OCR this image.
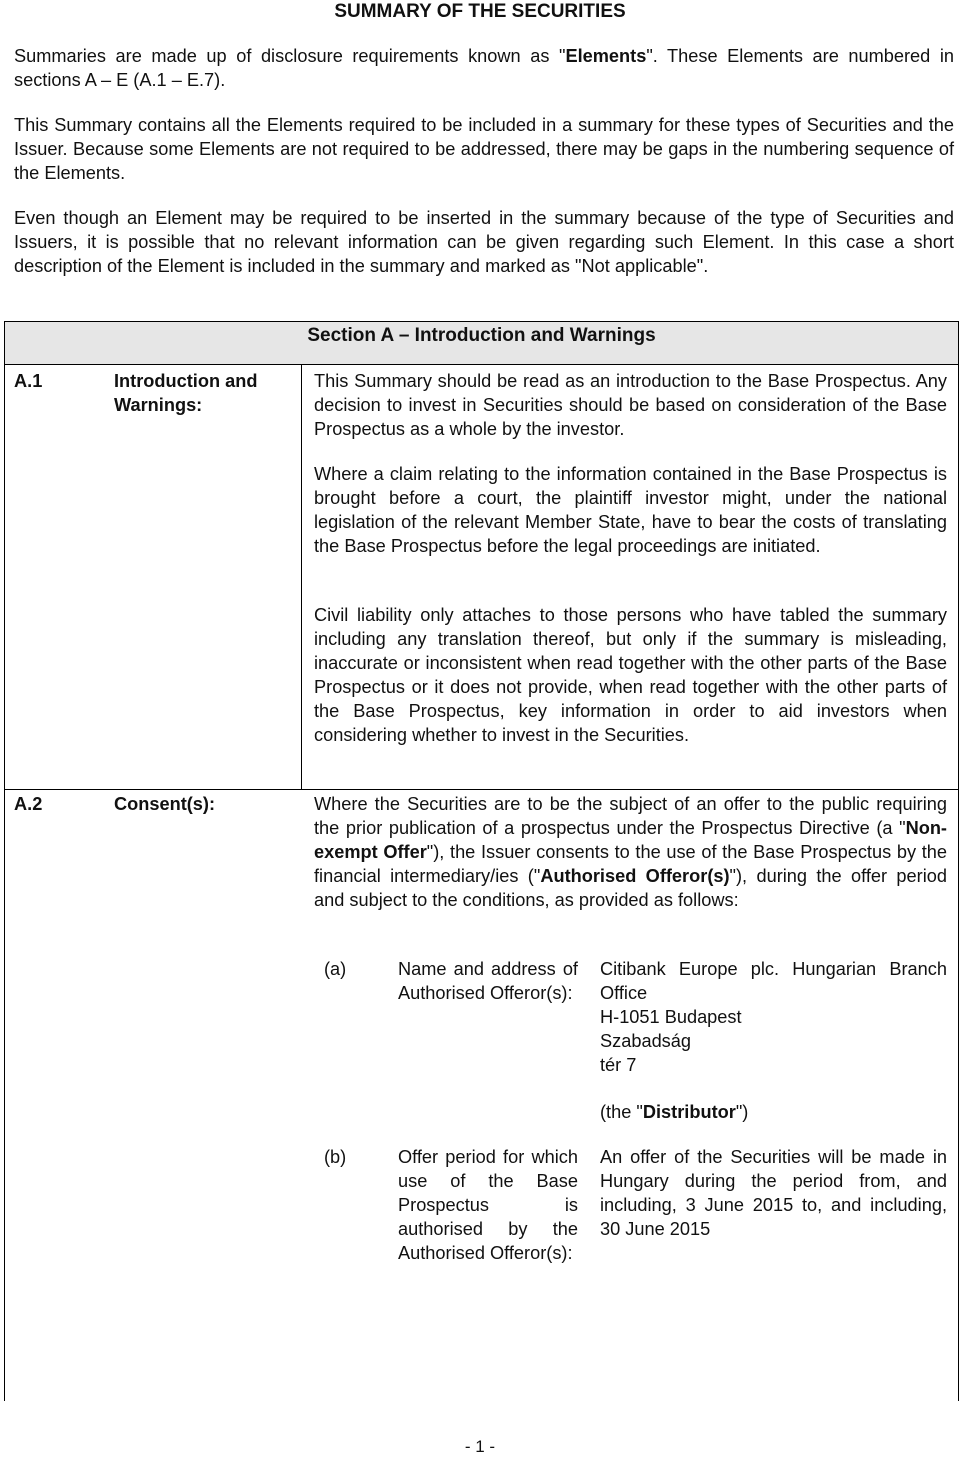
SUMMARY OF THE SECURITIES

Summaries are made up of disclosure requirements known as "Elements". These Elements are numbered in sections A – E (A.1 – E.7).

This Summary contains all the Elements required to be included in a summary for these types of Securities and the Issuer. Because some Elements are not required to be addressed, there may be gaps in the numbering sequence of the Elements.

Even though an Element may be required to be inserted in the summary because of the type of Securities and Issuers, it is possible that no relevant information can be given regarding such Element. In this case a short description of the Element is included in the summary and marked as "Not applicable".

Section A – Introduction and Warnings
A.1	Introduction and Warnings:

This Summary should be read as an introduction to the Base Prospectus. Any decision to invest in Securities should be based on consideration of the Base Prospectus as a whole by the investor.

Where a claim relating to the information contained in the Base Prospectus is brought before a court, the plaintiff investor might, under the national legislation of the relevant Member State, have to bear the costs of translating the Base Prospectus before the legal proceedings are initiated.

Civil liability only attaches to those persons who have tabled the summary including any translation thereof, but only if the summary is misleading, inaccurate or inconsistent when read together with the other parts of the Base Prospectus or it does not provide, when read together with the other parts of the Base Prospectus, key information in order to aid investors when considering whether to invest in the Securities.

A.2	Consent(s):	Where the Securities are to be the subject of an offer to the public requiring the prior publication of a prospectus under the Prospectus Directive (a "Non-exempt Offer"), the Issuer consents to the use of the Base Prospectus by the financial intermediary/ies ("Authorised Offeror(s)"), during the offer period and subject to the conditions, as provided as follows:

(a)	Name and address of Authorised Offeror(s):

Citibank Europe plc. Hungarian Branch Office
H-1051 Budapest
Szabadság
tér 7
(the "Distributor")
(b)	Offer period for which use of the Base Prospectus is authorised by the Authorised Offeror(s):

An offer of the Securities will be made in Hungary during the period from, and including, 3 June 2015 to, and including, 30 June 2015

- 1 -
